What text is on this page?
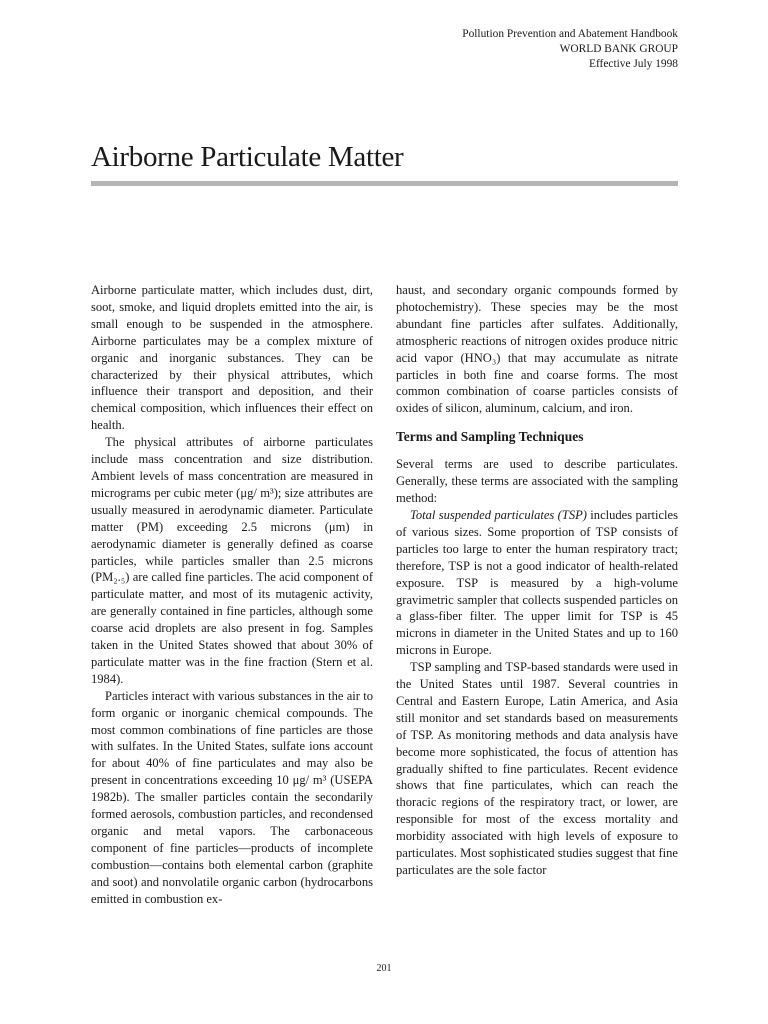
Pollution Prevention and Abatement Handbook
WORLD BANK GROUP
Effective July 1998
Airborne Particulate Matter

Airborne particulate matter, which includes dust, dirt, soot, smoke, and liquid droplets emitted into the air, is small enough to be suspended in the atmosphere. Airborne particulates may be a complex mixture of organic and inorganic substances. They can be characterized by their physical attributes, which influence their transport and deposition, and their chemical composition, which influences their effect on health.

The physical attributes of airborne particulates include mass concentration and size distribution. Ambient levels of mass concentration are measured in micrograms per cubic meter (μg/ m³); size attributes are usually measured in aerodynamic diameter. Particulate matter (PM) exceeding 2.5 microns (μm) in aerodynamic diameter is generally defined as coarse particles, while particles smaller than 2.5 microns (PM₂.₅) are called fine particles. The acid component of particulate matter, and most of its mutagenic activity, are generally contained in fine particles, although some coarse acid droplets are also present in fog. Samples taken in the United States showed that about 30% of particulate matter was in the fine fraction (Stern et al. 1984).

Particles interact with various substances in the air to form organic or inorganic chemical compounds. The most common combinations of fine particles are those with sulfates. In the United States, sulfate ions account for about 40% of fine particulates and may also be present in concentrations exceeding 10 μg/ m³ (USEPA 1982b). The smaller particles contain the secondarily formed aerosols, combustion particles, and recondensed organic and metal vapors. The carbonaceous component of fine particles—products of incomplete combustion—contains both elemental carbon (graphite and soot) and nonvolatile organic carbon (hydrocarbons emitted in combustion ex-

haust, and secondary organic compounds formed by photochemistry). These species may be the most abundant fine particles after sulfates. Additionally, atmospheric reactions of nitrogen oxides produce nitric acid vapor (HNO₃) that may accumulate as nitrate particles in both fine and coarse forms. The most common combination of coarse particles consists of oxides of silicon, aluminum, calcium, and iron.

Terms and Sampling Techniques

Several terms are used to describe particulates. Generally, these terms are associated with the sampling method:

Total suspended particulates (TSP) includes particles of various sizes. Some proportion of TSP consists of particles too large to enter the human respiratory tract; therefore, TSP is not a good indicator of health-related exposure. TSP is measured by a high-volume gravimetric sampler that collects suspended particles on a glass-fiber filter. The upper limit for TSP is 45 microns in diameter in the United States and up to 160 microns in Europe.

TSP sampling and TSP-based standards were used in the United States until 1987. Several countries in Central and Eastern Europe, Latin America, and Asia still monitor and set standards based on measurements of TSP. As monitoring methods and data analysis have become more sophisticated, the focus of attention has gradually shifted to fine particulates. Recent evidence shows that fine particulates, which can reach the thoracic regions of the respiratory tract, or lower, are responsible for most of the excess mortality and morbidity associated with high levels of exposure to particulates. Most sophisticated studies suggest that fine particulates are the sole factor

201
